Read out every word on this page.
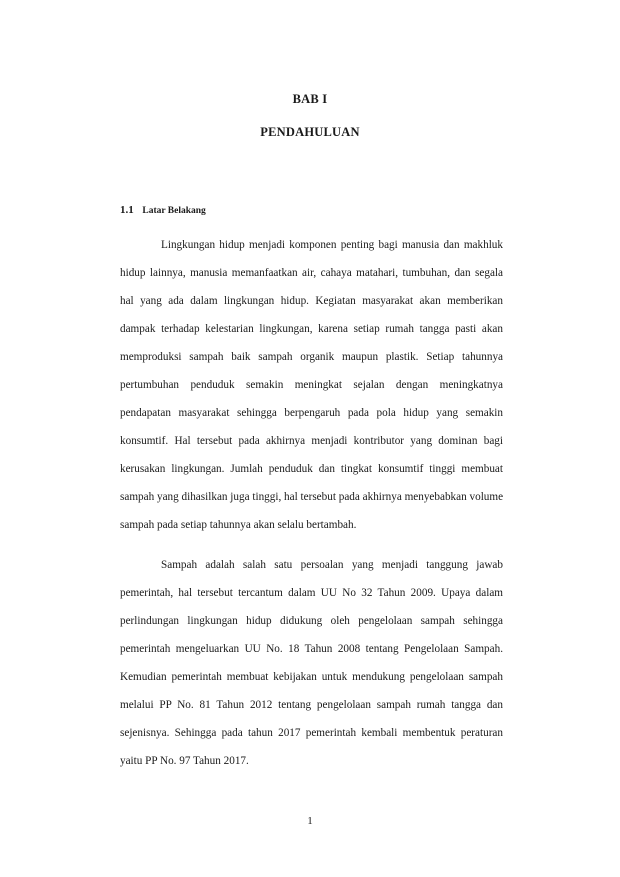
BAB I
PENDAHULUAN
1.1 Latar Belakang
Lingkungan hidup menjadi komponen penting bagi manusia dan makhluk
hidup lainnya, manusia memanfaatkan air, cahaya matahari, tumbuhan, dan segala
hal yang ada dalam lingkungan hidup. Kegiatan masyarakat akan memberikan
dampak terhadap kelestarian lingkungan, karena setiap rumah tangga pasti akan
memproduksi sampah baik sampah organik maupun plastik. Setiap tahunnya
pertumbuhan penduduk semakin meningkat sejalan dengan meningkatnya
pendapatan masyarakat sehingga berpengaruh pada pola hidup yang semakin
konsumtif. Hal tersebut pada akhirnya menjadi kontributor yang dominan bagi
kerusakan lingkungan. Jumlah penduduk dan tingkat konsumtif tinggi membuat
sampah yang dihasilkan juga tinggi, hal tersebut pada akhirnya menyebabkan volume
sampah pada setiap tahunnya akan selalu bertambah.
Sampah adalah salah satu persoalan yang menjadi tanggung jawab
pemerintah, hal tersebut tercantum dalam UU No 32 Tahun 2009. Upaya dalam
perlindungan lingkungan hidup didukung oleh pengelolaan sampah sehingga
pemerintah mengeluarkan UU No. 18 Tahun 2008 tentang Pengelolaan Sampah.
Kemudian pemerintah membuat kebijakan untuk mendukung pengelolaan sampah
melalui PP No. 81 Tahun 2012 tentang pengelolaan sampah rumah tangga dan
sejenisnya. Sehingga pada tahun 2017 pemerintah kembali membentuk peraturan
yaitu PP No. 97 Tahun 2017.
1
